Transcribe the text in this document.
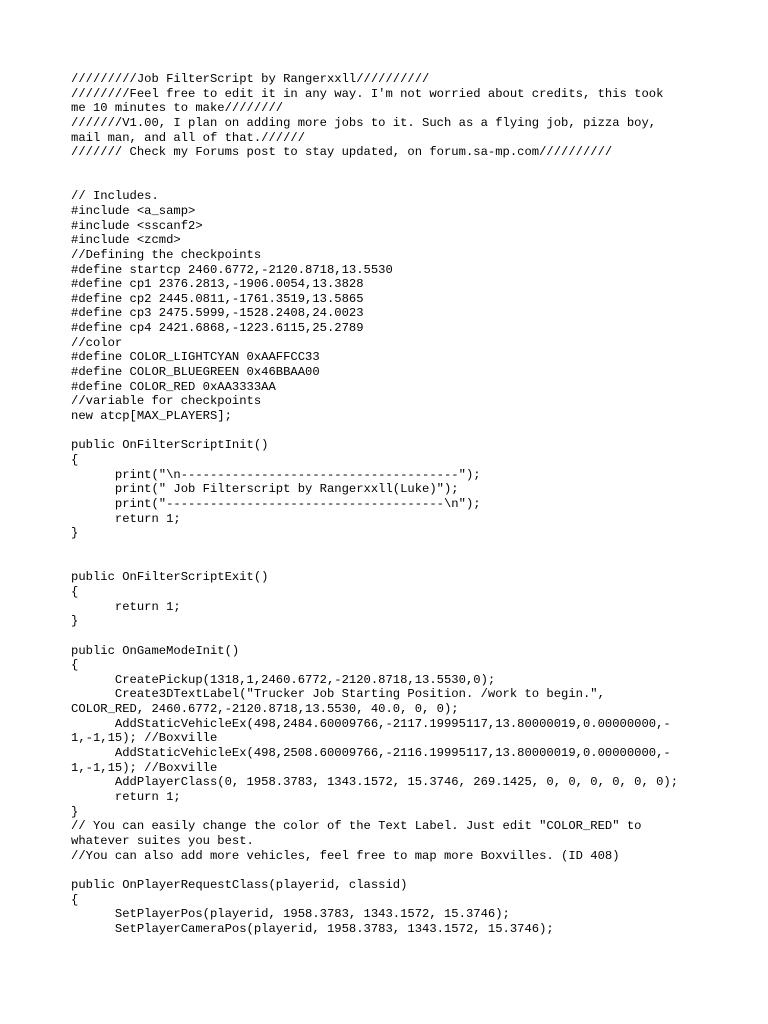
/////////Job FilterScript by Rangerxxll//////////
////////Feel free to edit it in any way. I'm not worried about credits, this took
me 10 minutes to make////////
///////V1.00, I plan on adding more jobs to it. Such as a flying job, pizza boy,
mail man, and all of that.//////
/////// Check my Forums post to stay updated, on forum.sa-mp.com//////////
// Includes.
#include <a_samp>
#include <sscanf2>
#include <zcmd>
//Defining the checkpoints
#define startcp 2460.6772,-2120.8718,13.5530
#define cp1 2376.2813,-1906.0054,13.3828
#define cp2 2445.0811,-1761.3519,13.5865
#define cp3 2475.5999,-1528.2408,24.0023
#define cp4 2421.6868,-1223.6115,25.2789
//color
#define COLOR_LIGHTCYAN 0xAAFFCC33
#define COLOR_BLUEGREEN 0x46BBAA00
#define COLOR_RED 0xAA3333AA
//variable for checkpoints
new atcp[MAX_PLAYERS];
public OnFilterScriptInit()
{
print("\n--------------------------------------");
print(" Job Filterscript by Rangerxxll(Luke)");
print("--------------------------------------\n");
return 1;
}
public OnFilterScriptExit()
{
return 1;
}
public OnGameModeInit()
{
CreatePickup(1318,1,2460.6772,-2120.8718,13.5530,0);
Create3DTextLabel("Trucker Job Starting Position. /work to begin.",
COLOR_RED, 2460.6772,-2120.8718,13.5530, 40.0, 0, 0);
AddStaticVehicleEx(498,2484.60009766,-2117.19995117,13.80000019,0.00000000,-
1,-1,15); //Boxville
AddStaticVehicleEx(498,2508.60009766,-2116.19995117,13.80000019,0.00000000,-
1,-1,15); //Boxville
AddPlayerClass(0, 1958.3783, 1343.1572, 15.3746, 269.1425, 0, 0, 0, 0, 0, 0);
return 1;
}
// You can easily change the color of the Text Label. Just edit "COLOR_RED" to
whatever suites you best.
//You can also add more vehicles, feel free to map more Boxvilles. (ID 408)
public OnPlayerRequestClass(playerid, classid)
{
SetPlayerPos(playerid, 1958.3783, 1343.1572, 15.3746);
SetPlayerCameraPos(playerid, 1958.3783, 1343.1572, 15.3746);
